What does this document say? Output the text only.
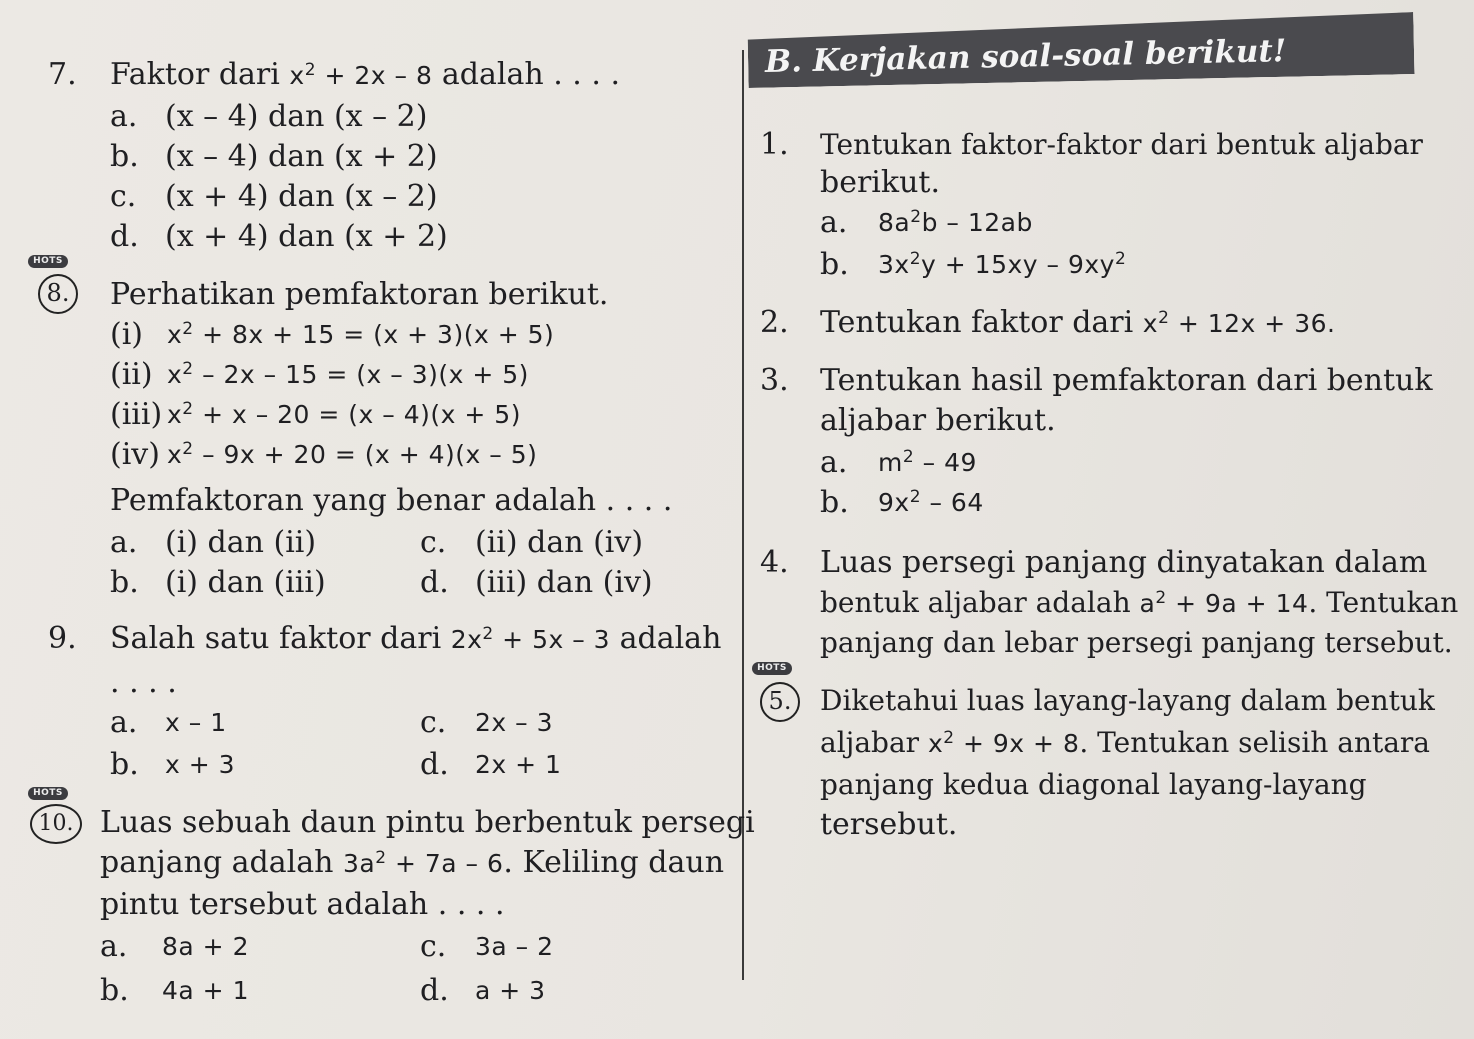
7. Faktor dari $x^2 + 2x - 8$ adalah . . . .
a. (x – 4) dan (x – 2)
b. (x – 4) dan (x + 2)
c. (x + 4) dan (x – 2)
d. (x + 4) dan (x + 2)
HOTS
8. Perhatikan pemfaktoran berikut.
(i) $x^2 + 8x + 15 = (x + 3)(x + 5)$
(ii) $x^2 - 2x - 15 = (x - 3)(x + 5)$
(iii) $x^2 + x - 20 = (x - 4)(x + 5)$
(iv) $x^2 - 9x + 20 = (x + 4)(x - 5)$
Pemfaktoran yang benar adalah . . . .
a. (i) dan (ii)
b. (i) dan (iii)
c. (ii) dan (iv)
d. (iii) dan (iv)
9. Salah satu faktor dari $2x^2 + 5x - 3$ adalah
. . . .
a. x – 1
b. x + 3
c. 2x – 3
d. 2x + 1
HOTS
10. Luas sebuah daun pintu berbentuk persegi
panjang adalah $3a^2 + 7a - 6$. Keliling daun
pintu tersebut adalah . . . .
a. 8a + 2
b. 4a + 1
c. 3a – 2
d. a + 3
B. Kerjakan soal-soal berikut!
1. Tentukan faktor-faktor dari bentuk aljabar
berikut.
a. $8a^2b - 12ab$
b. $3x^2y + 15xy - 9xy^2$
2. Tentukan faktor dari $x^2 + 12x + 36$.
3. Tentukan hasil pemfaktoran dari bentuk
aljabar berikut.
a. $m^2 - 49$
b. $9x^2 - 64$
4. Luas persegi panjang dinyatakan dalam
bentuk aljabar adalah $a^2 + 9a + 14$. Tentukan
panjang dan lebar persegi panjang tersebut.
HOTS
5.	Diketahui luas layang-layang dalam bentuk
aljabar $x^2 + 9x + 8$. Tentukan selisih antara
panjang kedua diagonal layang-layang
tersebut.
